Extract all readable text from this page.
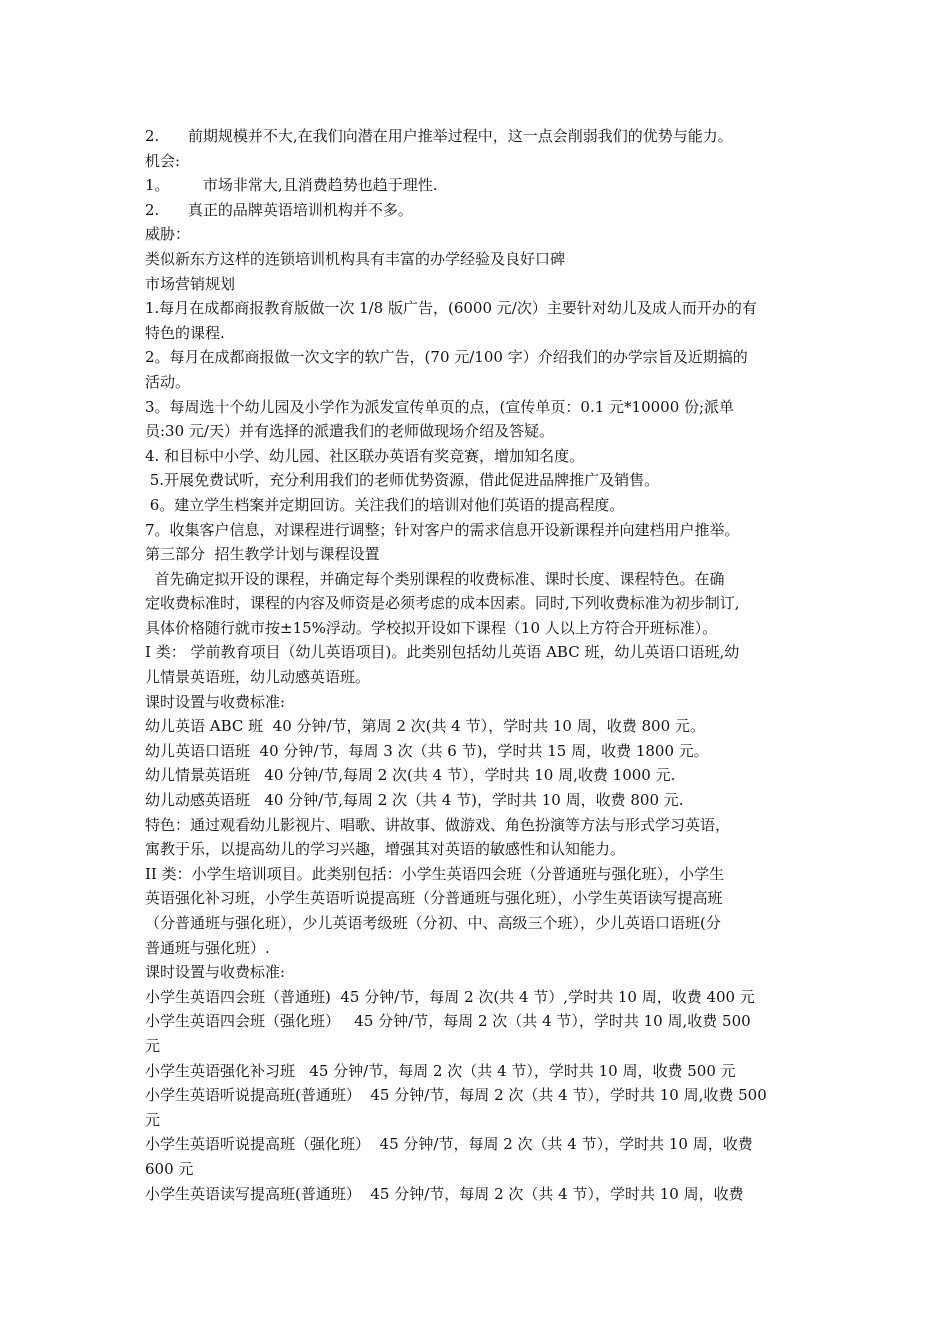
2.      前期规模并不大,在我们向潜在用户推举过程中，这一点会削弱我们的优势与能力。
机会:
1。       市场非常大,且消费趋势也趋于理性.
2.      真正的品牌英语培训机构并不多。
威胁：
类似新东方这样的连锁培训机构具有丰富的办学经验及良好口碑
市场营销规划
1.每月在成都商报教育版做一次 1/8 版广告，(6000 元/次）主要针对幼儿及成人而开办的有
特色的课程.
2。每月在成都商报做一次文字的软广告，(70 元/100 字）介绍我们的办学宗旨及近期搞的
活动。
3。每周选十个幼儿园及小学作为派发宣传单页的点，(宣传单页：0.1 元*10000 份;派单
员:30 元/天）并有选择的派遣我们的老师做现场介绍及答疑。
4. 和目标中小学、幼儿园、社区联办英语有奖竞赛，增加知名度。
5.开展免费试听，充分利用我们的老师优势资源，借此促进品牌推广及销售。
6。建立学生档案并定期回访。关注我们的培训对他们英语的提高程度。
7。收集客户信息，对课程进行调整；针对客户的需求信息开设新课程并向建档用户推举。
第三部分  招生教学计划与课程设置
首先确定拟开设的课程，并确定每个类别课程的收费标准、课时长度、课程特色。在确
定收费标准时，课程的内容及师资是必须考虑的成本因素。同时,下列收费标准为初步制订,
具体价格随行就市按±15%浮动。学校拟开设如下课程（10 人以上方符合开班标准）。
I 类： 学前教育项目（幼儿英语项目)。此类别包括幼儿英语 ABC 班，幼儿英语口语班,幼
儿情景英语班，幼儿动感英语班。
课时设置与收费标准:
幼儿英语 ABC 班  40 分钟/节，第周 2 次(共 4 节），学时共 10 周，收费 800 元。
幼儿英语口语班  40 分钟/节，每周 3 次（共 6 节)，学时共 15 周，收费 1800 元。
幼儿情景英语班   40 分钟/节,每周 2 次(共 4 节），学时共 10 周,收费 1000 元.
幼儿动感英语班   40 分钟/节,每周 2 次（共 4 节)，学时共 10 周，收费 800 元.
特色：通过观看幼儿影视片、唱歌、讲故事、做游戏、角色扮演等方法与形式学习英语，
寓教于乐，以提高幼儿的学习兴趣，增强其对英语的敏感性和认知能力。
II 类：小学生培训项目。此类别包括：小学生英语四会班（分普通班与强化班），小学生
英语强化补习班，小学生英语听说提高班（分普通班与强化班），小学生英语读写提高班
（分普通班与强化班），少儿英语考级班（分初、中、高级三个班），少儿英语口语班(分
普通班与强化班）.
课时设置与收费标准:
小学生英语四会班（普通班)  45 分钟/节，每周 2 次(共 4 节）,学时共 10 周，收费 400 元
小学生英语四会班（强化班）   45 分钟/节，每周 2 次（共 4 节），学时共 10 周,收费 500
元
小学生英语强化补习班   45 分钟/节，每周 2 次（共 4 节），学时共 10 周，收费 500 元
小学生英语听说提高班(普通班）  45 分钟/节，每周 2 次（共 4 节），学时共 10 周,收费 500
元
小学生英语听说提高班（强化班）  45 分钟/节，每周 2 次（共 4 节），学时共 10 周，收费
600 元
小学生英语读写提高班(普通班）  45 分钟/节，每周 2 次（共 4 节），学时共 10 周，收费
